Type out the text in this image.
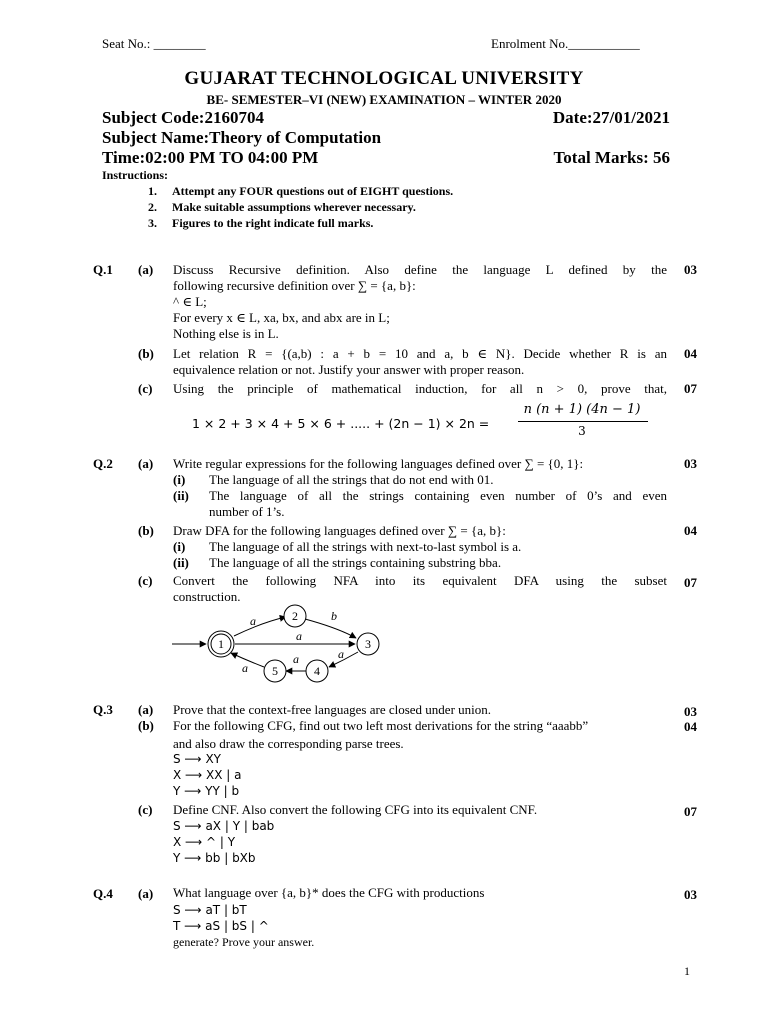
Seat No.: ________	Enrolment No.___________
GUJARAT TECHNOLOGICAL UNIVERSITY
BE- SEMESTER–VI (NEW) EXAMINATION – WINTER 2020
Subject Code:2160704	Date:27/01/2021
Subject Name:Theory of Computation
Time:02:00 PM TO 04:00 PM	Total Marks: 56
Instructions:
1. Attempt any FOUR questions out of EIGHT questions.
2. Make suitable assumptions wherever necessary.
3. Figures to the right indicate full marks.
Q.1 (a) Discuss Recursive definition. Also define the language L defined by the
following recursive definition over ∑ = {a, b}:
^ ∈ L;
For every x ∈ L, xa, bx, and abx are in L;
Nothing else is in L.
03
(b) Let relation R = {(a,b) : a + b = 10 and a, b ∈ N}. Decide whether R is an
equivalence relation or not. Justify your answer with proper reason.
04
(c) Using the principle of mathematical induction, for all n > 0, prove that, 07
1 × 2 + 3 × 4 + 5 × 6 + ..... + (2n − 1) × 2n =
n (n + 1) (4n − 1)
3
Q.2 (a) Write regular expressions for the following languages defined over ∑ = {0, 1}:	03
(i) The language of all the strings that do not end with 01.
(ii) The language of all the strings containing even number of 0’s and even
number of 1’s.
(b) Draw DFA for the following languages defined over ∑ = {a, b}:	04
(i) The language of all the strings with next-to-last symbol is a.
(ii) The language of all the strings containing substring bba.
(c) Convert the following NFA into its equivalent DFA using the subset
construction.
07
1
2
3
4
5
a	b
a
a
a
a
Q.3 (a) Prove that the context-free languages are closed under union.	03
(b) For the following CFG, find out two left most derivations for the string “aaabb”	04
and also draw the corresponding parse trees.
S ⟶ XY
X ⟶ XX | a
Y ⟶ YY | b
(c) Define CNF. Also convert the following CFG into its equivalent CNF.	07
S ⟶ aX | Y | bab
X ⟶ ^ | Y
Y ⟶ bb | bXb
Q.4 (a) What language over {a, b}* does the CFG with productions	03
S ⟶ aT | bT
T ⟶ aS | bS | ^
generate? Prove your answer.
1
